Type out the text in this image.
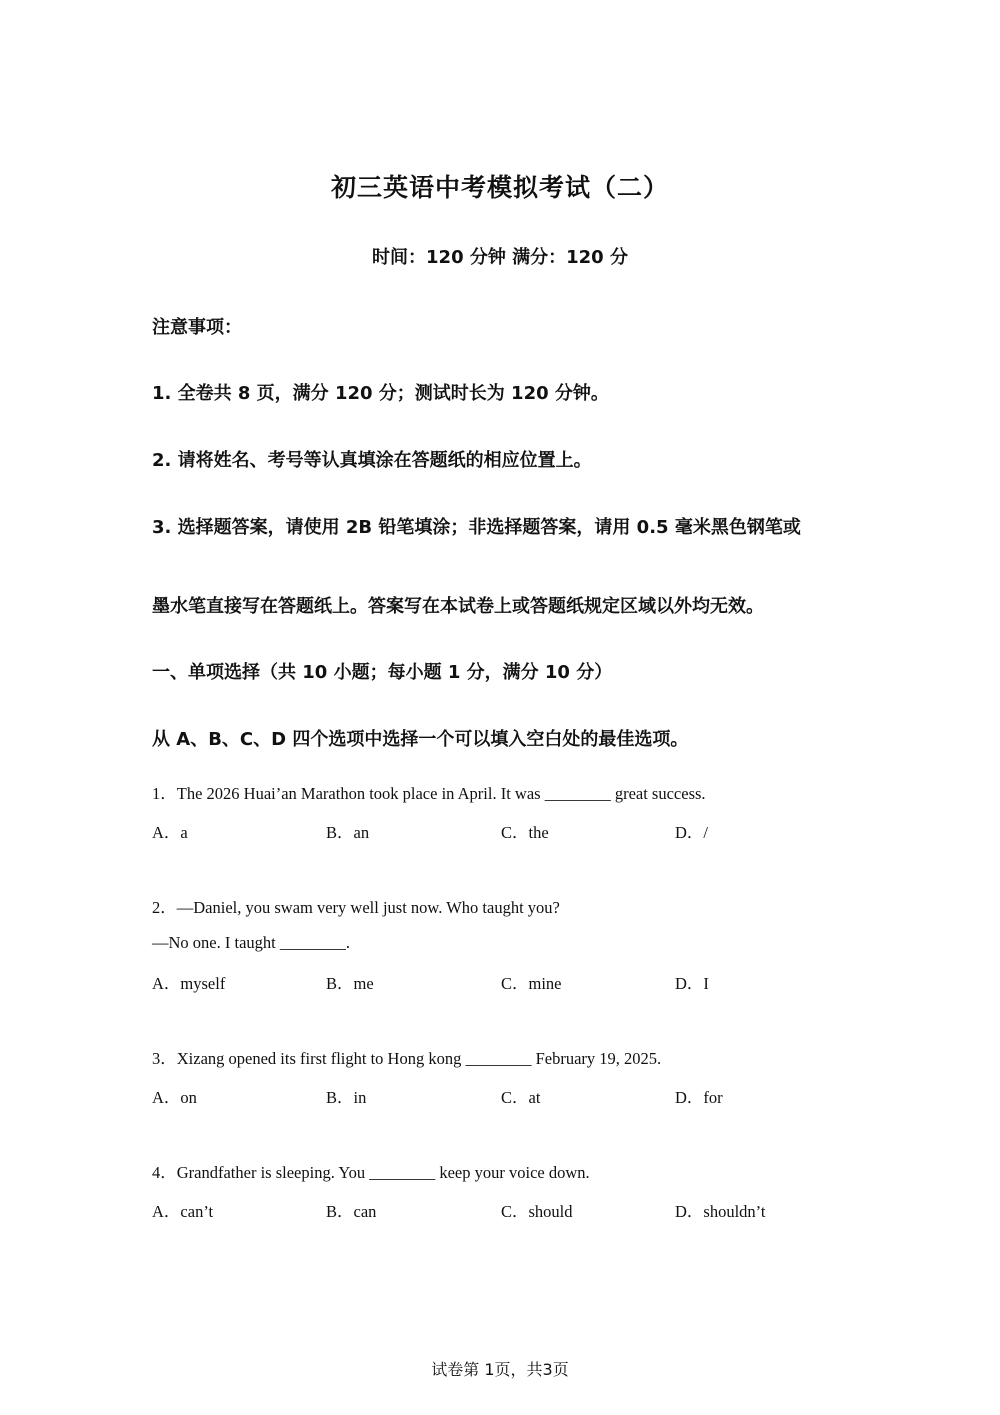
初三英语中考模拟考试（二）
时间：120 分钟 满分：120 分
注意事项：
1. 全卷共 8 页，满分 120 分；测试时长为 120 分钟。
2. 请将姓名、考号等认真填涂在答题纸的相应位置上。
3. 选择题答案，请使用 2B 铅笔填涂；非选择题答案，请用 0.5 毫米黑色钢笔或
墨水笔直接写在答题纸上。答案写在本试卷上或答题纸规定区域以外均无效。
一、单项选择（共 10 小题；每小题 1 分，满分 10 分）
从 A、B、C、D 四个选项中选择一个可以填入空白处的最佳选项。
1．The 2026 Huai’an Marathon took place in April. It was ________ great success.
A．a	B．an	C．the	D．/
2．—Daniel, you swam very well just now. Who taught you?
—No one. I taught ________.
A．myself	B．me	C．mine	D．I
3．Xizang opened its first flight to Hong kong ________ February 19, 2025.
A．on	B．in	C．at	D．for
4．Grandfather is sleeping. You ________ keep your voice down.
A．can’t	B．can	C．should	D．shouldn’t
试卷第 1页，共3页
